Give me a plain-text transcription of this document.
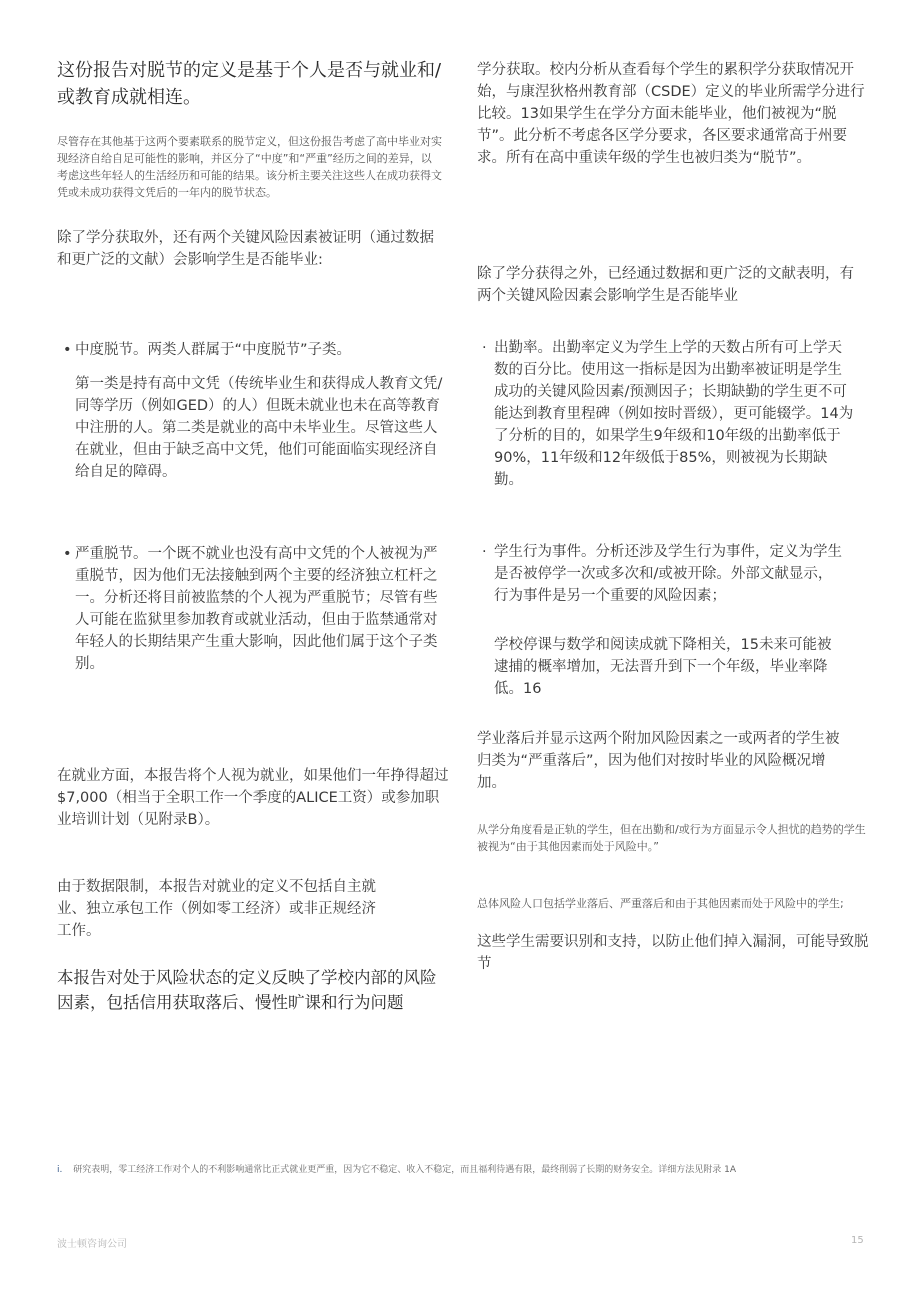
这份报告对脱节的定义是基于个人是否与就业和/或教育成就相连。
尽管存在其他基于这两个要素联系的脱节定义，但这份报告考虑了高中毕业对实现经济自给自足可能性的影响，并区分了“中度”和“严重”经历之间的差异，以考虑这些年轻人的生活经历和可能的结果。该分析主要关注这些人在成功获得文凭或未成功获得文凭后的一年内的脱节状态。
除了学分获取外，还有两个关键风险因素被证明（通过数据和更广泛的文献）会影响学生是否能毕业:
• 中度脱节。两类人群属于“中度脱节”子类。
第一类是持有高中文凭（传统毕业生和获得成人教育文凭/同等学历（例如GED）的人）但既未就业也未在高等教育中注册的人。第二类是就业的高中未毕业生。尽管这些人在就业，但由于缺乏高中文凭，他们可能面临实现经济自给自足的障碍。
• 严重脱节。一个既不就业也没有高中文凭的个人被视为严重脱节，因为他们无法接触到两个主要的经济独立杠杆之一。分析还将目前被监禁的个人视为严重脱节；尽管有些人可能在监狱里参加教育或就业活动，但由于监禁通常对年轻人的长期结果产生重大影响，因此他们属于这个子类别。
在就业方面，本报告将个人视为就业，如果他们一年挣得超过$7,000（相当于全职工作一个季度的ALICE工资）或参加职业培训计划（见附录B）。
由于数据限制，本报告对就业的定义不包括自主就业、独立承包工作（例如零工经济）或非正规经济工作。
本报告对处于风险状态的定义反映了学校内部的风险因素，包括信用获取落后、慢性旷课和行为问题
学分获取。校内分析从查看每个学生的累积学分获取情况开始，与康涅狄格州教育部（CSDE）定义的毕业所需学分进行比较。13如果学生在学分方面未能毕业，他们被视为“脱节”。此分析不考虑各区学分要求，各区要求通常高于州要求。所有在高中重读年级的学生也被归类为“脱节”。
除了学分获得之外，已经通过数据和更广泛的文献表明，有两个关键风险因素会影响学生是否能毕业
· 出勤率。出勤率定义为学生上学的天数占所有可上学天数的百分比。使用这一指标是因为出勤率被证明是学生成功的关键风险因素/预测因子；长期缺勤的学生更不可能达到教育里程碑（例如按时晋级），更可能辍学。14为了分析的目的，如果学生9年级和10年级的出勤率低于90%，11年级和12年级低于85%，则被视为长期缺勤。
· 学生行为事件。分析还涉及学生行为事件，定义为学生是否被停学一次或多次和/或被开除。外部文献显示，行为事件是另一个重要的风险因素；
学校停课与数学和阅读成就下降相关，15未来可能被逮捕的概率增加，无法晋升到下一个年级，毕业率降低。16
学业落后并显示这两个附加风险因素之一或两者的学生被归类为“严重落后”，因为他们对按时毕业的风险概况增加。
从学分角度看是正轨的学生，但在出勤和/或行为方面显示令人担忧的趋势的学生被视为“由于其他因素而处于风险中。”
总体风险人口包括学业落后、严重落后和由于其他因素而处于风险中的学生;
这些学生需要识别和支持，以防止他们掉入漏洞，可能导致脱节
i. 研究表明，零工经济工作对个人的不利影响通常比正式就业更严重，因为它不稳定、收入不稳定，而且福利待遇有限，最终削弱了长期的财务安全。详细方法见附录 1A
波士顿咨询公司	15
